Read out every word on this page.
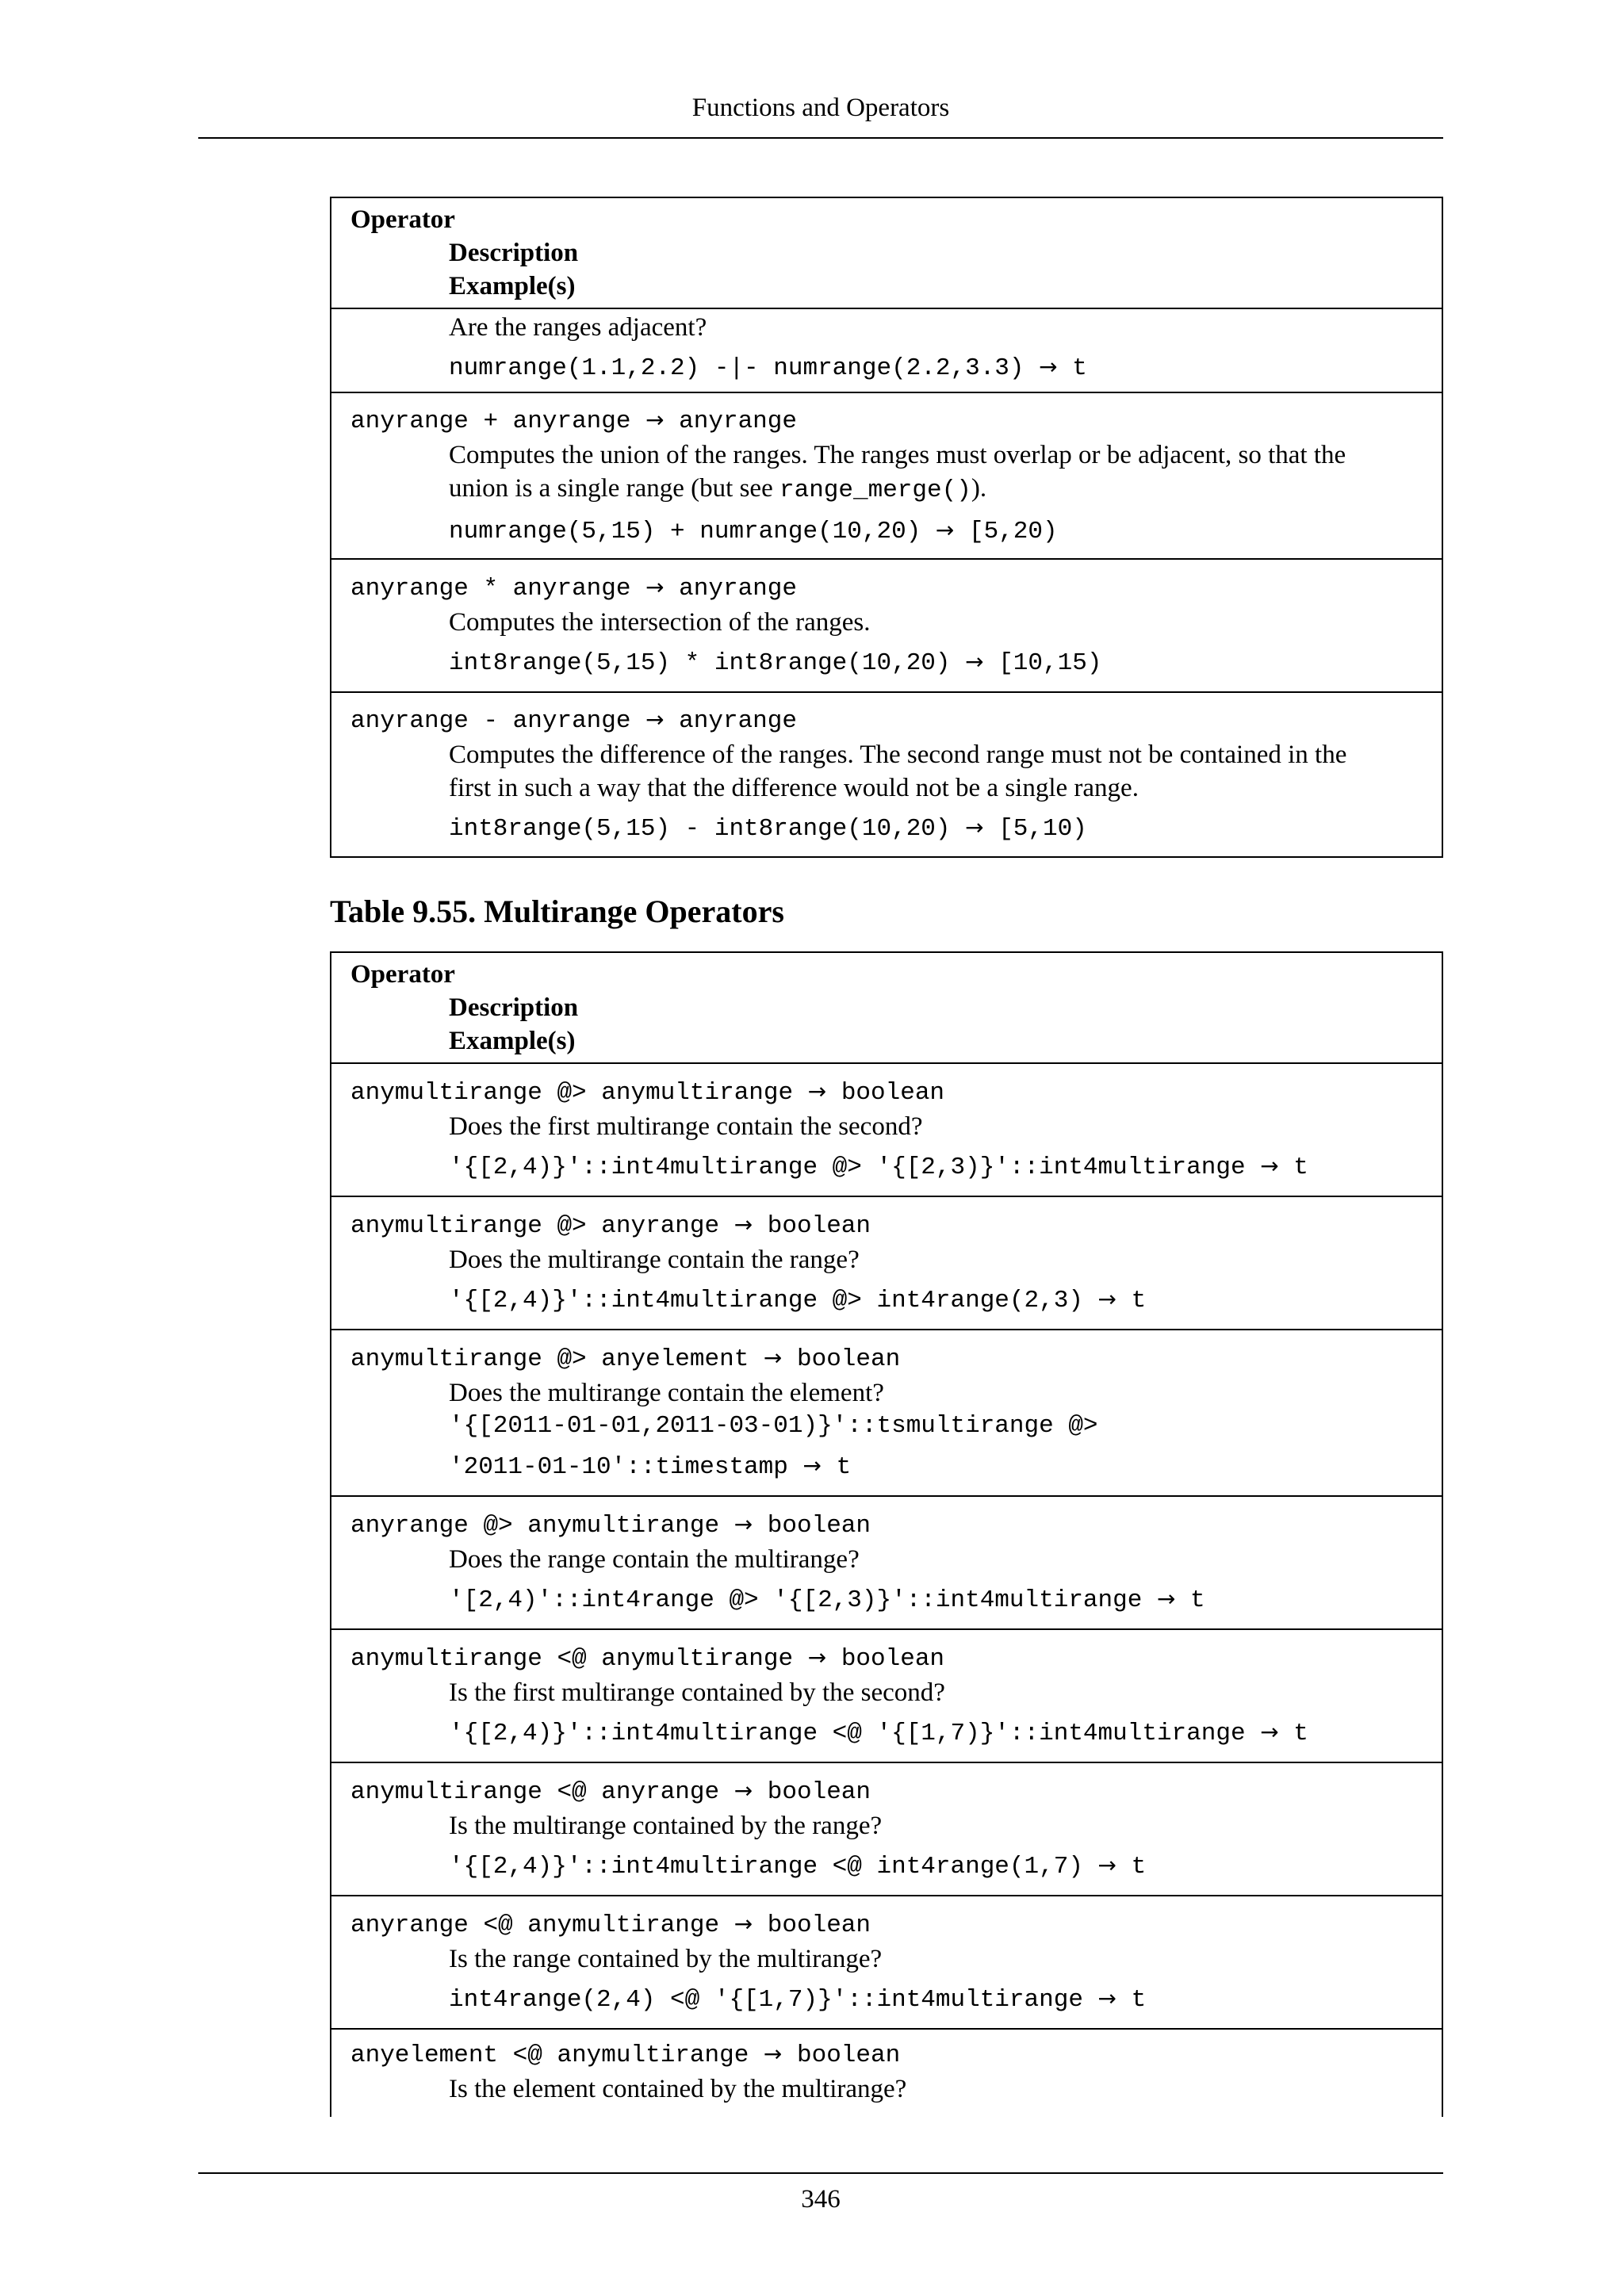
Functions and Operators
Operator
Description
Example(s)
Are the ranges adjacent?
numrange(1.1,2.2) -|- numrange(2.2,3.3) → t
anyrange + anyrange → anyrange
Computes the union of the ranges. The ranges must overlap or be adjacent, so that the
union is a single range (but see range_merge()).
numrange(5,15) + numrange(10,20) → [5,20)
anyrange * anyrange → anyrange
Computes the intersection of the ranges.
int8range(5,15) * int8range(10,20) → [10,15)
anyrange - anyrange → anyrange
Computes the difference of the ranges. The second range must not be contained in the
first in such a way that the difference would not be a single range.
int8range(5,15) - int8range(10,20) → [5,10)
Table 9.55. Multirange Operators
Operator
Description
Example(s)
anymultirange @> anymultirange → boolean
Does the first multirange contain the second?
'{[2,4)}'::int4multirange @> '{[2,3)}'::int4multirange → t
anymultirange @> anyrange → boolean
Does the multirange contain the range?
'{[2,4)}'::int4multirange @> int4range(2,3) → t
anymultirange @> anyelement → boolean
Does the multirange contain the element?
'{[2011-01-01,2011-03-01)}'::tsmultirange @>
'2011-01-10'::timestamp → t
anyrange @> anymultirange → boolean
Does the range contain the multirange?
'[2,4)'::int4range @> '{[2,3)}'::int4multirange → t
anymultirange <@ anymultirange → boolean
Is the first multirange contained by the second?
'{[2,4)}'::int4multirange <@ '{[1,7)}'::int4multirange → t
anymultirange <@ anyrange → boolean
Is the multirange contained by the range?
'{[2,4)}'::int4multirange <@ int4range(1,7) → t
anyrange <@ anymultirange → boolean
Is the range contained by the multirange?
int4range(2,4) <@ '{[1,7)}'::int4multirange → t
anyelement <@ anymultirange → boolean
Is the element contained by the multirange?
346
